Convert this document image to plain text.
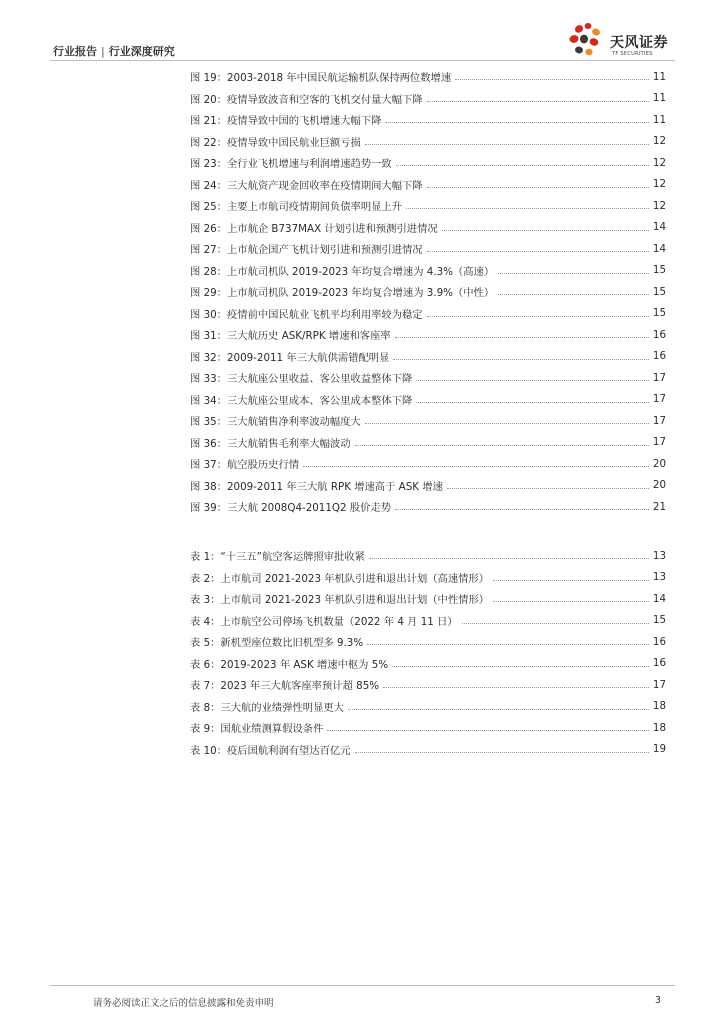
行业报告 | 行业深度研究
天风证券
TF SECURITIES
图 19：2003-2018 年中国民航运输机队保持两位数增速	11
图 20：疫情导致波音和空客的飞机交付量大幅下降	11
图 21：疫情导致中国的飞机增速大幅下降	11
图 22：疫情导致中国民航业巨额亏损	12
图 23：全行业飞机增速与利润增速趋势一致	12
图 24：三大航资产现金回收率在疫情期间大幅下降	12
图 25：主要上市航司疫情期间负债率明显上升	12
图 26：上市航企 B737MAX 计划引进和预测引进情况	14
图 27：上市航企国产飞机计划引进和预测引进情况	14
图 28：上市航司机队 2019-2023 年均复合增速为 4.3%（高速）	15
图 29：上市航司机队 2019-2023 年均复合增速为 3.9%（中性）	15
图 30：疫情前中国民航业飞机平均利用率较为稳定	15
图 31：三大航历史 ASK/RPK 增速和客座率	16
图 32：2009-2011 年三大航供需错配明显	16
图 33：三大航座公里收益、客公里收益整体下降	17
图 34：三大航座公里成本、客公里成本整体下降	17
图 35：三大航销售净利率波动幅度大	17
图 36：三大航销售毛利率大幅波动	17
图 37：航空股历史行情	20
图 38：2009-2011 年三大航 RPK 增速高于 ASK 增速	20
图 39：三大航 2008Q4-2011Q2 股价走势	21
表 1：“十三五”航空客运牌照审批收紧	13
表 2：上市航司 2021-2023 年机队引进和退出计划（高速情形）	13
表 3：上市航司 2021-2023 年机队引进和退出计划（中性情形）	14
表 4：上市航空公司停场飞机数量（2022 年 4 月 11 日）	15
表 5：新机型座位数比旧机型多 9.3%	16
表 6：2019-2023 年 ASK 增速中枢为 5%	16
表 7：2023 年三大航客座率预计超 85%	17
表 8：三大航的业绩弹性明显更大	18
表 9：国航业绩测算假设条件	18
表 10：疫后国航利润有望达百亿元	19
请务必阅读正文之后的信息披露和免责申明	3
